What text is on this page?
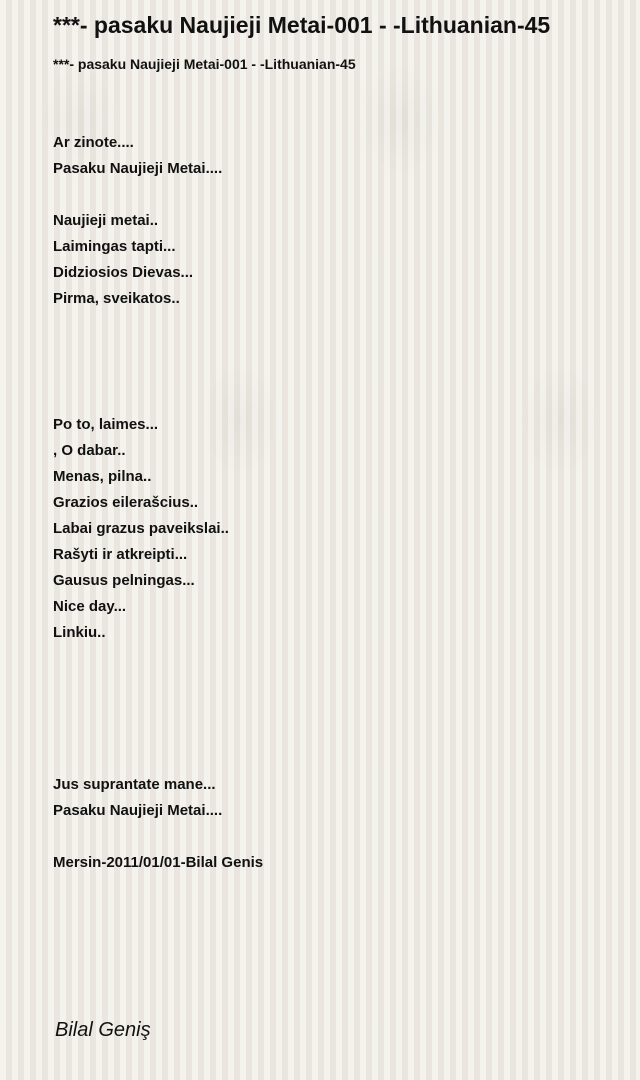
***- pasaku Naujieji Metai-001 - -Lithuanian-45
***- pasaku Naujieji Metai-001 - -Lithuanian-45

Ar zinote....

Pasaku Naujieji Metai....

Naujieji metai..

Laimingas tapti...

Didziosios Dievas...

Pirma, sveikatos..

Po to, laimes...

, O dabar..

Menas, pilna..

Grazios eilerašcius..

Labai grazus paveikslai..

Rašyti ir atkreipti...

Gausus pelningas...

Nice day...

Linkiu..

Jus suprantate mane...

Pasaku Naujieji Metai....

Mersin-2011/01/01-Bilal Genis

Bilal Geniş
